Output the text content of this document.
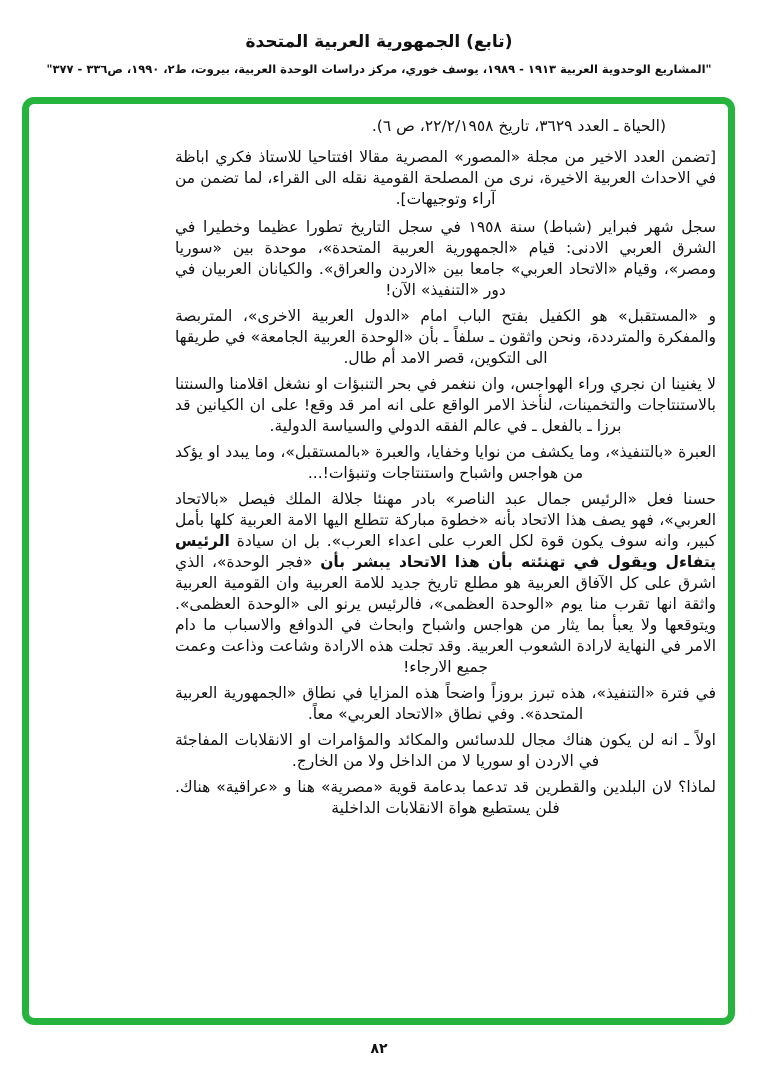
(تابع) الجمهورية العربية المتحدة
"المشاريع الوحدوية العربية ١٩١٣ - ١٩٨٩، يوسف خوري، مركز دراسات الوحدة العربية، بيروت، ط٢، ١٩٩٠، ص٣٣٦ - ٣٧٧"

(الحياة ـ العدد ٣٦٢٩، تاريخ ٢٢/٢/١٩٥٨، ص ٦).

[تضمن العدد الاخير من مجلة «المصور» المصرية مقالا افتتاحيا للاستاذ فكري اباظة في الاحداث العربية الاخيرة، نرى من المصلحة القومية نقله الى القراء، لما تضمن من آراء وتوجيهات].

سجل شهر فبراير (شباط) سنة ١٩٥٨ في سجل التاريخ تطورا عظيما وخطيرا في الشرق العربي الادنى: قيام «الجمهورية العربية المتحدة»، موحدة بين «سوريا ومصر»، وقيام «الاتحاد العربي» جامعا بين «الاردن والعراق». والكيانان العربيان في دور «التنفيذ» الآن!

و «المستقبل» هو الكفيل بفتح الباب امام «الدول العربية الاخرى»، المتربصة والمفكرة والمترددة، ونحن واثقون ـ سلفاً ـ بأن «الوحدة العربية الجامعة» في طريقها الى التكوين، قصر الامد أم طال.

لا يغنينا ان نجري وراء الهواجس، وان ننغمر في بحر التنبؤات او نشغل اقلامنا والسنتنا بالاستنتاجات والتخمينات، لنأخذ الامر الواقع على انه امر قد وقع! على ان الكيانين قد برزا ـ بالفعل ـ في عالم الفقه الدولي والسياسة الدولية.

العبرة «بالتنفيذ»، وما يكشف من نوايا وخفايا، والعبرة «بالمستقبل»، وما يبدد او يؤكد من هواجس واشباح واستنتاجات وتنبؤات!...

حسنا فعل «الرئيس جمال عبد الناصر» بادر مهنئا جلالة الملك فيصل «بالاتحاد العربي»، فهو يصف هذا الاتحاد بأنه «خطوة مباركة تتطلع اليها الامة العربية كلها بأمل كبير، وانه سوف يكون قوة لكل العرب على اعداء العرب». بل ان سيادة الرئيس يتفاءل ويقول في تهنئته بأن هذا الاتحاد يبشر بأن «فجر الوحدة»، الذي اشرق على كل الآفاق العربية هو مطلع تاريخ جديد للامة العربية وان القومية العربية واثقة انها تقرب منا يوم «الوحدة العظمى»، فالرئيس يرنو الى «الوحدة العظمى». ويتوقعها ولا يعبأ بما يثار من هواجس واشباح وابحاث في الدوافع والاسباب ما دام الامر في النهاية لارادة الشعوب العربية. وقد تجلت هذه الارادة وشاعت وذاعت وعمت جميع الارجاء!

في فترة «التنفيذ»، هذه تبرز بروزاً واضحاً هذه المزايا في نطاق «الجمهورية العربية المتحدة». وفي نطاق «الاتحاد العربي» معاً.

اولاً ـ انه لن يكون هناك مجال للدسائس والمكائد والمؤامرات او الانقلابات المفاجئة في الاردن او سوريا لا من الداخل ولا من الخارج.

لماذا؟ لان البلدين والقطرين قد تدعما بدعامة قوية «مصرية» هنا و «عراقية» هناك. فلن يستطيع هواة الانقلابات الداخلية

٨٢
